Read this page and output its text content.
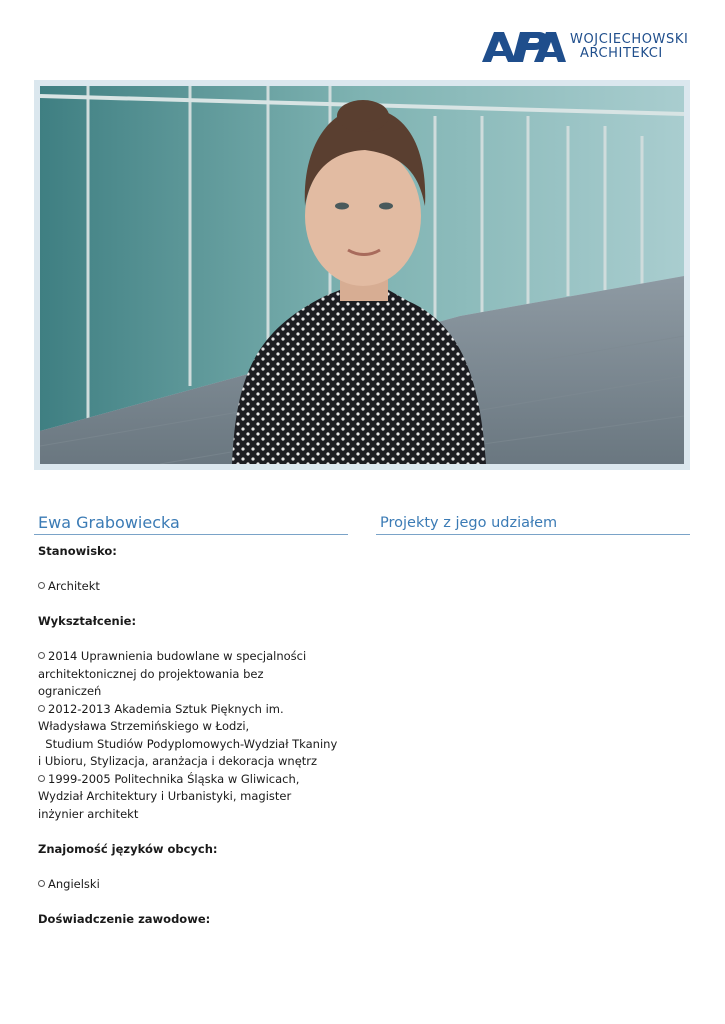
WOJCIECHOWSKI
ARCHITEKCI
Ewa Grabowiecka	Projekty z jego udziałem

Stanowisko:

Architekt

Wykształcenie:

2014 Uprawnienia budowlane w specjalności
architektonicznej do projektowania bez
ograniczeń
2012-2013 Akademia Sztuk Pięknych im.
Władysława Strzemińskiego w Łodzi,
Studium Studiów Podyplomowych-Wydział Tkaniny
i Ubioru, Stylizacja, aranżacja i dekoracja wnętrz
1999-2005 Politechnika Śląska w Gliwicach,
Wydział Architektury i Urbanistyki, magister
inżynier architekt

Znajomość języków obcych:

Angielski

Doświadczenie zawodowe:
